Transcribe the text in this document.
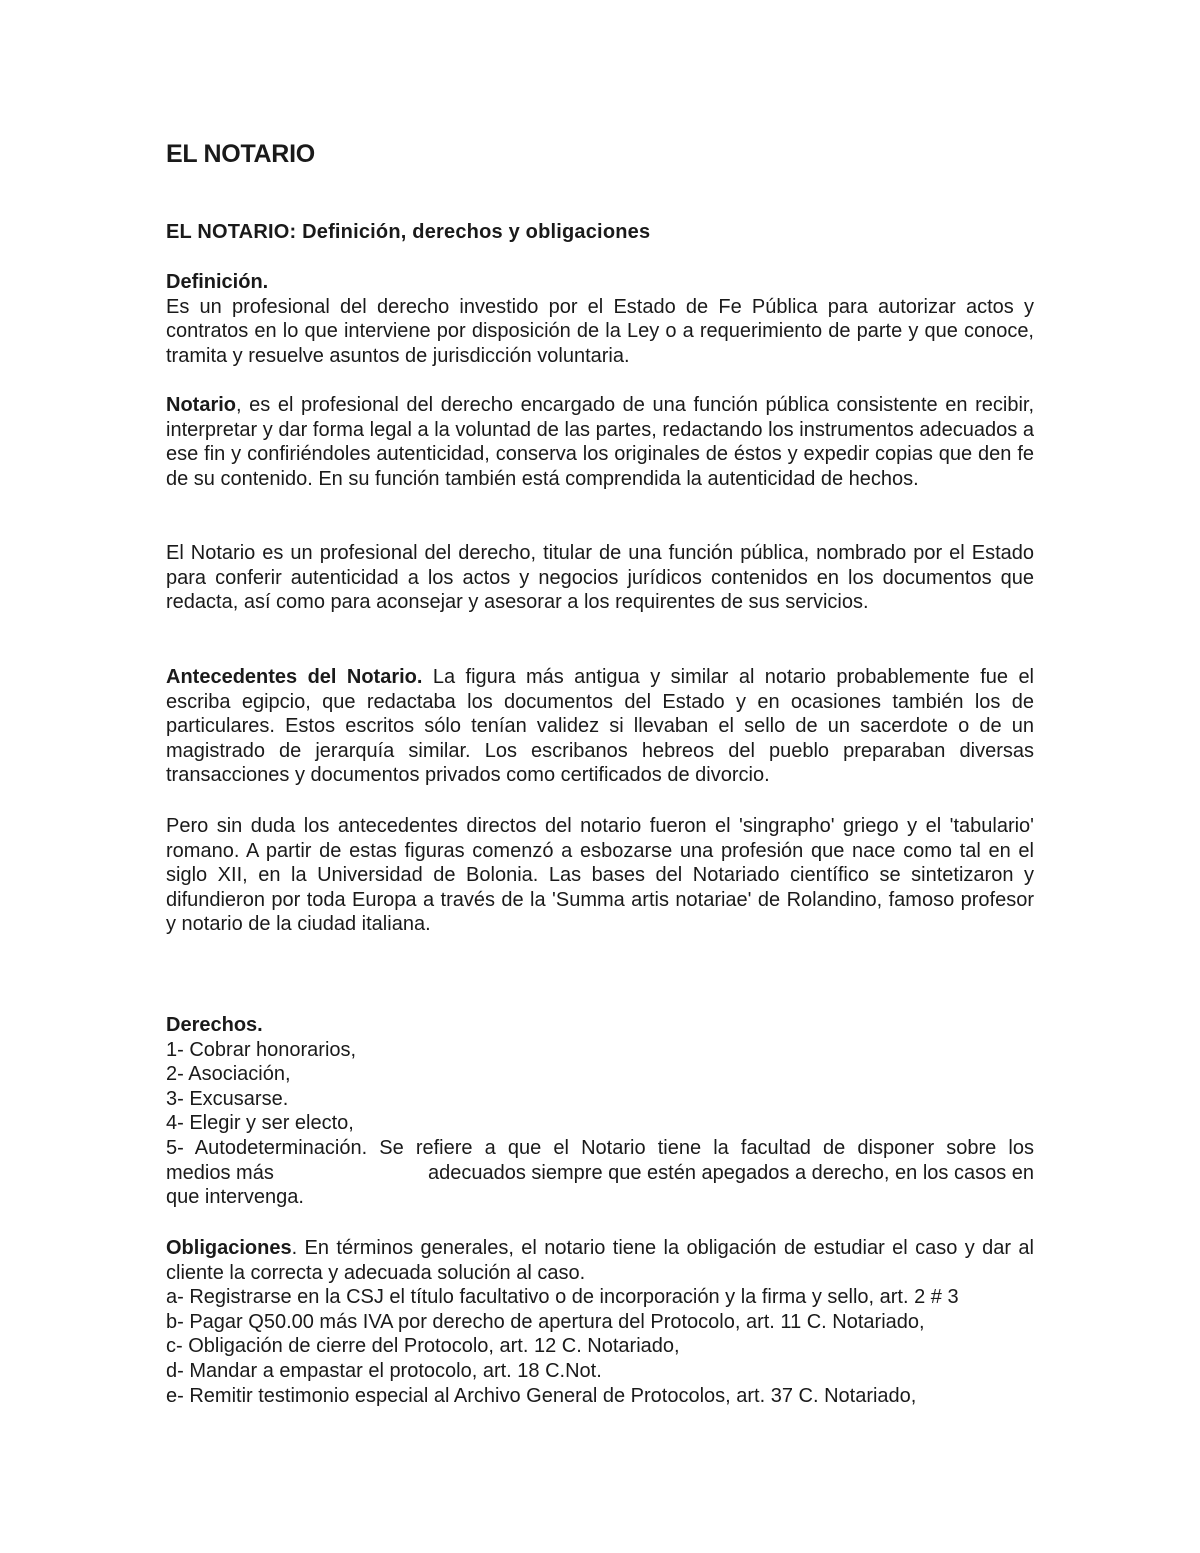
EL NOTARIO

EL NOTARIO: Definición, derechos y obligaciones

Definición.
Es un profesional del derecho investido por el Estado de Fe Pública para autorizar actos y contratos en lo que interviene por disposición de la Ley o a requerimiento de parte y que conoce, tramita y resuelve asuntos de jurisdicción voluntaria.
Notario, es el profesional del derecho encargado de una función pública consistente en recibir, interpretar y dar forma legal a la voluntad de las partes, redactando los instrumentos adecuados a ese fin y confiriéndoles autenticidad, conserva los originales de éstos y expedir copias que den fe de su contenido. En su función también está comprendida la autenticidad de hechos.
El Notario es un profesional del derecho, titular de una función pública, nombrado por el Estado para conferir autenticidad a los actos y negocios jurídicos contenidos en los documentos que redacta, así como para aconsejar y asesorar a los requirentes de sus servicios.
Antecedentes del Notario. La figura más antigua y similar al notario probablemente fue el escriba egipcio, que redactaba los documentos del Estado y en ocasiones también los de particulares. Estos escritos sólo tenían validez si llevaban el sello de un sacerdote o de un magistrado de jerarquía similar. Los escribanos hebreos del pueblo preparaban diversas transacciones y documentos privados como certificados de divorcio.
Pero sin duda los antecedentes directos del notario fueron el 'singrapho' griego y el 'tabulario' romano. A partir de estas figuras comenzó a esbozarse una profesión que nace como tal en el siglo XII, en la Universidad de Bolonia. Las bases del Notariado científico se sintetizaron y difundieron por toda Europa a través de la 'Summa artis notariae' de Rolandino, famoso profesor y notario de la ciudad italiana.
Derechos.
1- Cobrar honorarios,
2- Asociación,
3- Excusarse.
4- Elegir y ser electo,
5- Autodeterminación. Se refiere a que el Notario tiene la facultad de disponer sobre los
medios más	adecuados siempre que estén apegados a derecho, en los casos en
que intervenga.
Obligaciones. En términos generales, el notario tiene la obligación de estudiar el caso y dar al cliente la correcta y adecuada solución al caso.
a- Registrarse en la CSJ el título facultativo o de incorporación y la firma y sello, art. 2 # 3
b- Pagar Q50.00 más IVA por derecho de apertura del Protocolo, art. 11 C. Notariado,
c- Obligación de cierre del Protocolo, art. 12 C. Notariado,
d- Mandar a empastar el protocolo, art. 18 C.Not.
e- Remitir testimonio especial al Archivo General de Protocolos, art. 37 C. Notariado,
